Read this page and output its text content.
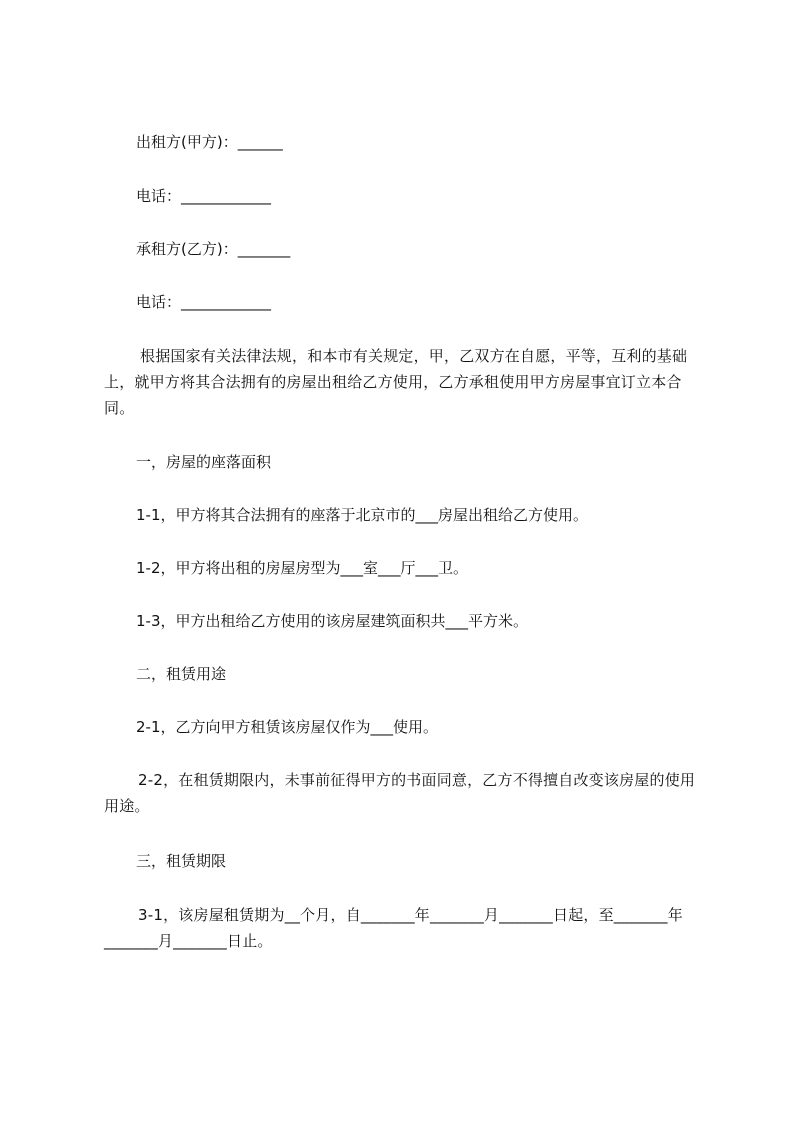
出租方(甲方)：______
电话：____________
承租方(乙方)：_______
电话：____________
根据国家有关法律法规，和本市有关规定，甲，乙双方在自愿，平等，互利的基础上，就甲方将其合法拥有的房屋出租给乙方使用，乙方承租使用甲方房屋事宜订立本合同。
一，房屋的座落面积
1-1，甲方将其合法拥有的座落于北京市的___房屋出租给乙方使用。
1-2，甲方将出租的房屋房型为___室___厅___卫。
1-3，甲方出租给乙方使用的该房屋建筑面积共___平方米。
二，租赁用途
2-1，乙方向甲方租赁该房屋仅作为___使用。
2-2，在租赁期限内，未事前征得甲方的书面同意，乙方不得擅自改变该房屋的使用用途。
三，租赁期限
3-1，该房屋租赁期为__个月，自_______年_______月_______日起，至_______年_______月_______日止。
